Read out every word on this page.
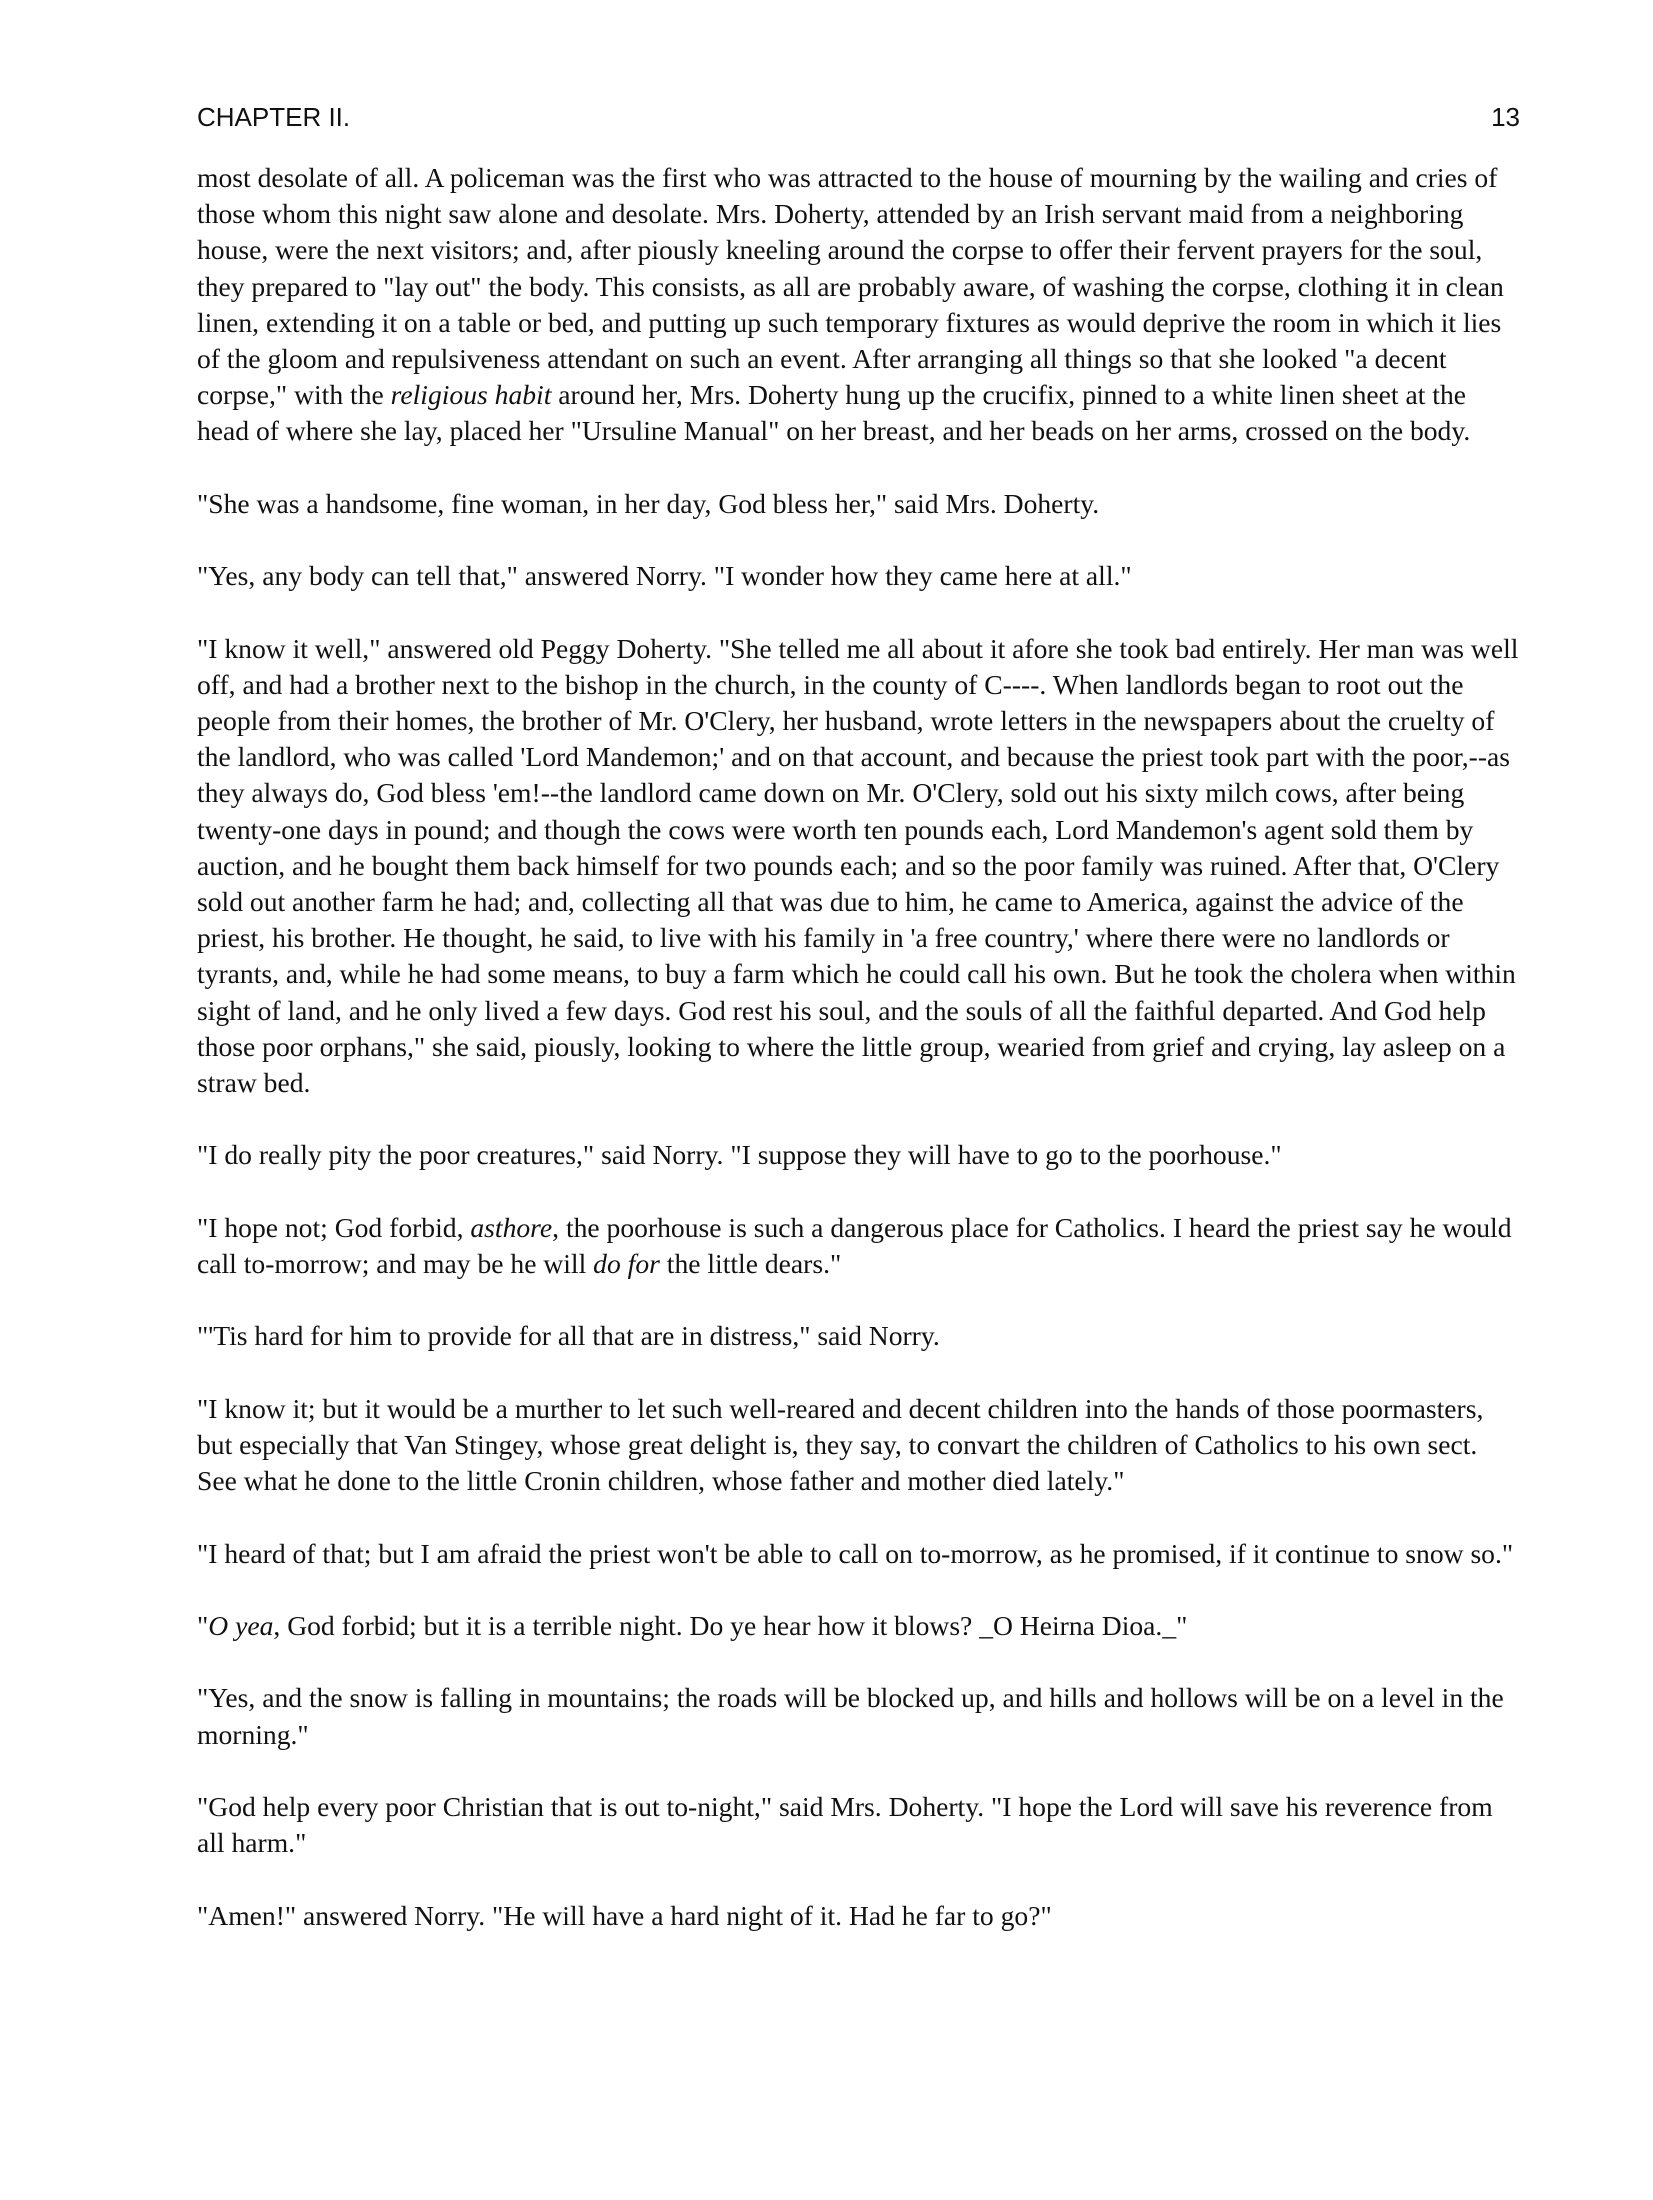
CHAPTER II.	13

most desolate of all. A policeman was the first who was attracted to the house of mourning by the wailing and cries of those whom this night saw alone and desolate. Mrs. Doherty, attended by an Irish servant maid from a neighboring house, were the next visitors; and, after piously kneeling around the corpse to offer their fervent prayers for the soul, they prepared to "lay out" the body. This consists, as all are probably aware, of washing the corpse, clothing it in clean linen, extending it on a table or bed, and putting up such temporary fixtures as would deprive the room in which it lies of the gloom and repulsiveness attendant on such an event. After arranging all things so that she looked "a decent corpse," with the religious habit around her, Mrs. Doherty hung up the crucifix, pinned to a white linen sheet at the head of where she lay, placed her "Ursuline Manual" on her breast, and her beads on her arms, crossed on the body.

"She was a handsome, fine woman, in her day, God bless her," said Mrs. Doherty.

"Yes, any body can tell that," answered Norry. "I wonder how they came here at all."

"I know it well," answered old Peggy Doherty. "She telled me all about it afore she took bad entirely. Her man was well off, and had a brother next to the bishop in the church, in the county of C----. When landlords began to root out the people from their homes, the brother of Mr. O'Clery, her husband, wrote letters in the newspapers about the cruelty of the landlord, who was called 'Lord Mandemon;' and on that account, and because the priest took part with the poor,--as they always do, God bless 'em!--the landlord came down on Mr. O'Clery, sold out his sixty milch cows, after being twenty-one days in pound; and though the cows were worth ten pounds each, Lord Mandemon's agent sold them by auction, and he bought them back himself for two pounds each; and so the poor family was ruined. After that, O'Clery sold out another farm he had; and, collecting all that was due to him, he came to America, against the advice of the priest, his brother. He thought, he said, to live with his family in 'a free country,' where there were no landlords or tyrants, and, while he had some means, to buy a farm which he could call his own. But he took the cholera when within sight of land, and he only lived a few days. God rest his soul, and the souls of all the faithful departed. And God help those poor orphans," she said, piously, looking to where the little group, wearied from grief and crying, lay asleep on a straw bed.

"I do really pity the poor creatures," said Norry. "I suppose they will have to go to the poorhouse."

"I hope not; God forbid, asthore, the poorhouse is such a dangerous place for Catholics. I heard the priest say he would call to-morrow; and may be he will do for the little dears."

"'Tis hard for him to provide for all that are in distress," said Norry.

"I know it; but it would be a murther to let such well-reared and decent children into the hands of those poormasters, but especially that Van Stingey, whose great delight is, they say, to convart the children of Catholics to his own sect. See what he done to the little Cronin children, whose father and mother died lately."

"I heard of that; but I am afraid the priest won't be able to call on to-morrow, as he promised, if it continue to snow so."

"O yea, God forbid; but it is a terrible night. Do ye hear how it blows? _O Heirna Dioa._"

"Yes, and the snow is falling in mountains; the roads will be blocked up, and hills and hollows will be on a level in the morning."

"God help every poor Christian that is out to-night," said Mrs. Doherty. "I hope the Lord will save his reverence from all harm."

"Amen!" answered Norry. "He will have a hard night of it. Had he far to go?"
